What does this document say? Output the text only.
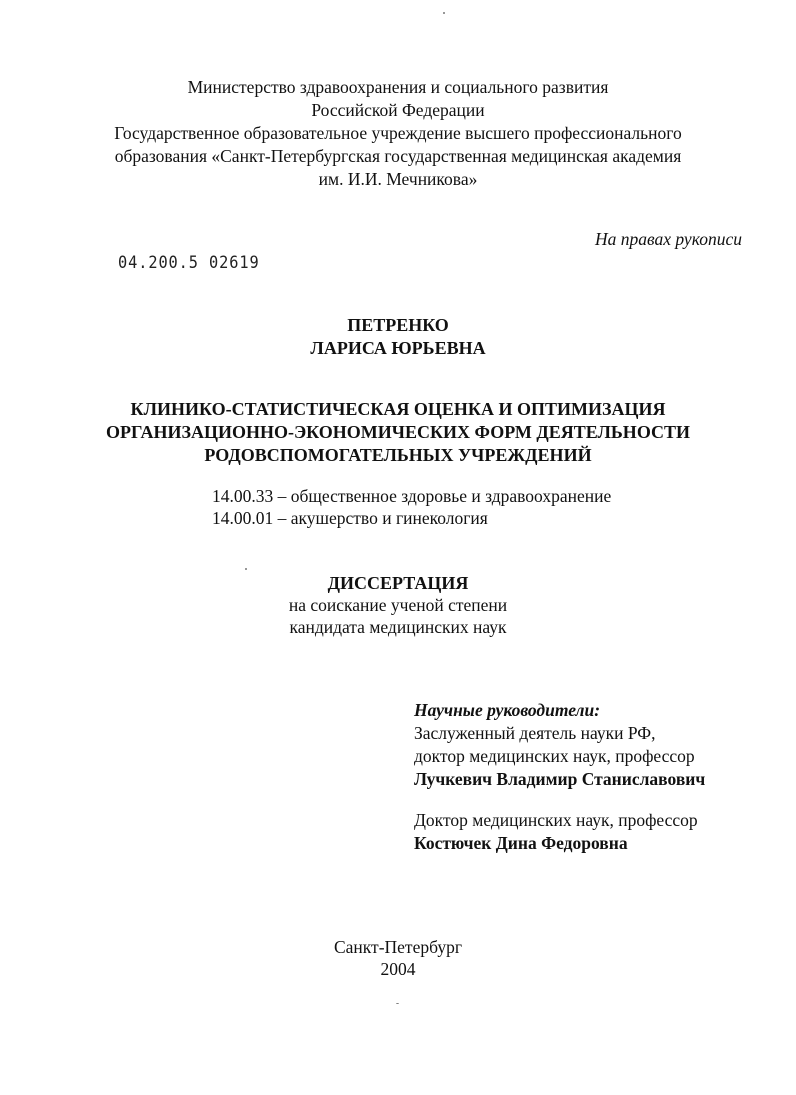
Министерство здравоохранения и социального развития
Российской Федерации
Государственное образовательное учреждение высшего профессионального
образования «Санкт-Петербургская государственная медицинская академия
им. И.И. Мечникова»
На правах рукописи
04.200.5 02619
ПЕТРЕНКО
ЛАРИСА ЮРЬЕВНА
КЛИНИКО-СТАТИСТИЧЕСКАЯ ОЦЕНКА И ОПТИМИЗАЦИЯ
ОРГАНИЗАЦИОННО-ЭКОНОМИЧЕСКИХ ФОРМ ДЕЯТЕЛЬНОСТИ
РОДОВСПОМОГАТЕЛЬНЫХ УЧРЕЖДЕНИЙ
14.00.33 – общественное здоровье и здравоохранение
14.00.01 – акушерство и гинекология
ДИССЕРТАЦИЯ
на соискание ученой степени
кандидата медицинских наук
Научные руководители:
Заслуженный деятель науки РФ,
доктор медицинских наук, профессор
Лучкевич Владимир Станиславович
Доктор медицинских наук, профессор
Костючек Дина Федоровна
Санкт-Петербург
2004
